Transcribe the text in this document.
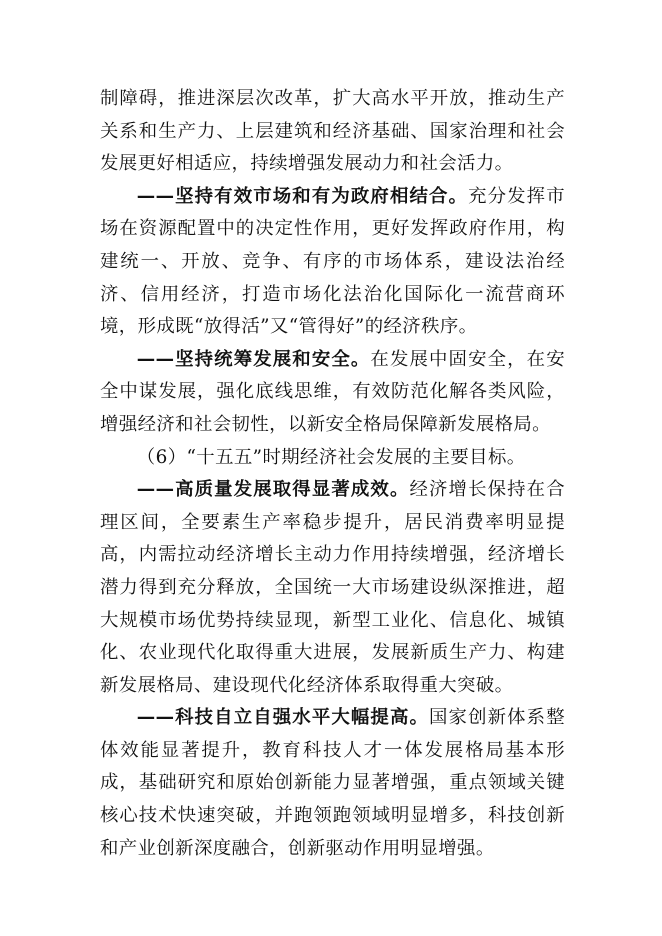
制障碍，推进深层次改革，扩大高水平开放，推动生产关系和生产力、上层建筑和经济基础、国家治理和社会发展更好相适应，持续增强发展动力和社会活力。

——坚持有效市场和有为政府相结合。充分发挥市场在资源配置中的决定性作用，更好发挥政府作用，构建统一、开放、竞争、有序的市场体系，建设法治经济、信用经济，打造市场化法治化国际化一流营商环境，形成既“放得活”又“管得好”的经济秩序。

——坚持统筹发展和安全。在发展中固安全，在安全中谋发展，强化底线思维，有效防范化解各类风险，增强经济和社会韧性，以新安全格局保障新发展格局。

（6）“十五五”时期经济社会发展的主要目标。

——高质量发展取得显著成效。经济增长保持在合理区间，全要素生产率稳步提升，居民消费率明显提高，内需拉动经济增长主动力作用持续增强，经济增长潜力得到充分释放，全国统一大市场建设纵深推进，超大规模市场优势持续显现，新型工业化、信息化、城镇化、农业现代化取得重大进展，发展新质生产力、构建新发展格局、建设现代化经济体系取得重大突破。

——科技自立自强水平大幅提高。国家创新体系整体效能显著提升，教育科技人才一体发展格局基本形成，基础研究和原始创新能力显著增强，重点领域关键核心技术快速突破，并跑领跑领域明显增多，科技创新和产业创新深度融合，创新驱动作用明显增强。
